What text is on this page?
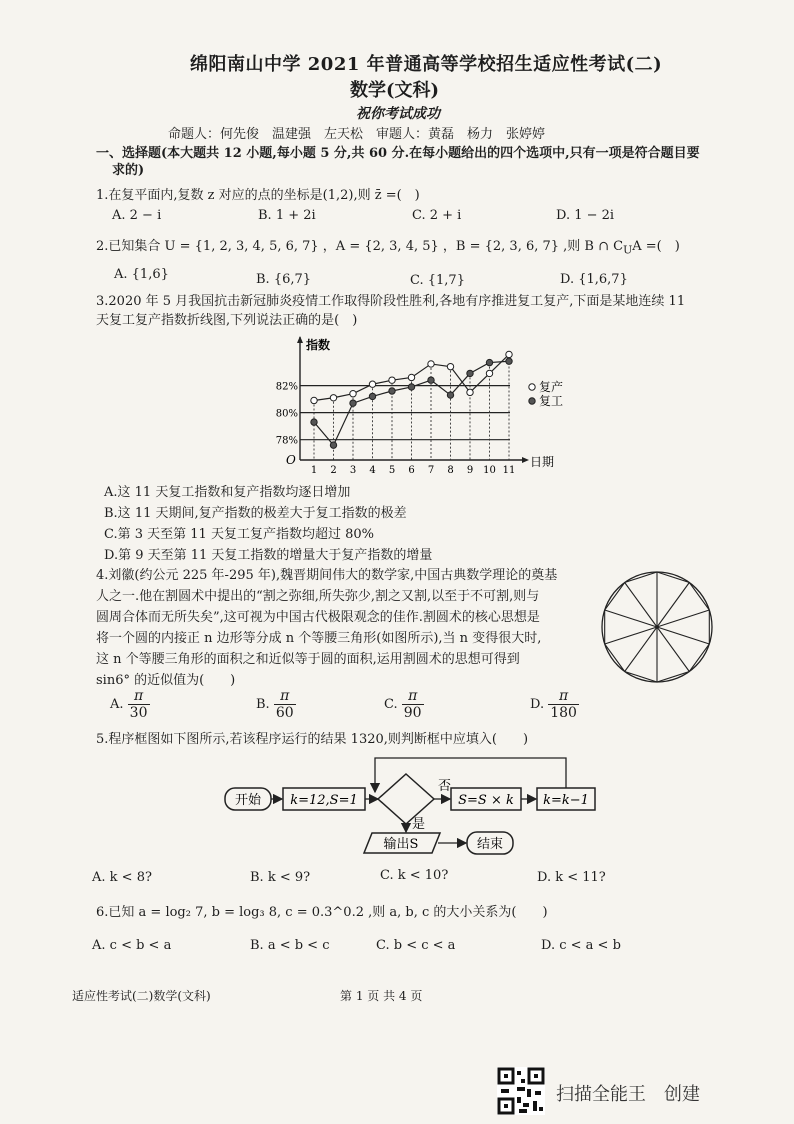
绵阳南山中学 2021 年普通高等学校招生适应性考试(二)
数学(文科)
祝你考试成功
命题人：何先俊　温建强　左天松　审题人：黄磊　杨力　张婷婷
一、选择题(本大题共 12 小题,每小题 5 分,共 60 分.在每小题给出的四个选项中,只有一项是符合题目要
求的)
1.在复平面内,复数 z 对应的点的坐标是(1,2),则 z̄ =(　)
A. 2 − i	B. 1 + 2i	C. 2 + i	D. 1 − 2i
2.已知集合 U = {1, 2, 3, 4, 5, 6, 7} ，A = {2, 3, 4, 5} ，B = {2, 3, 6, 7} ,则 B ∩ $C_UA$ =(　)
A. {1,6}	B. {6,7}	C. {1,7}	D. {1,6,7}
3.2020 年 5 月我国抗击新冠肺炎疫情工作取得阶段性胜利,各地有序推进复工复产,下面是某地连续 11
天复工复产指数折线图,下列说法正确的是(　)
指数
日期
O
78%
80%
82%
1 2 3 4 5 6 7 8 9 10 11
复产
复工
A.这 11 天复工指数和复产指数均逐日增加
B.这 11 天期间,复产指数的极差大于复工指数的极差
C.第 3 天至第 11 天复工复产指数均超过 80%
D.第 9 天至第 11 天复工指数的增量大于复产指数的增量
4.刘徽(约公元 225 年-295 年),魏晋期间伟大的数学家,中国古典数学理论的奠基
人之一.他在割圆术中提出的“割之弥细,所失弥少,割之又割,以至于不可割,则与
圆周合体而无所失矣”,这可视为中国古代极限观念的佳作.割圆术的核心思想是
将一个圆的内接正 n 边形等分成 n 个等腰三角形(如图所示),当 n 变得很大时,
这 n 个等腰三角形的面积之和近似等于圆的面积,运用割圆术的思想可得到
sin6° 的近似值为(　　)
A. $\frac{\pi}{30}$	B. $\frac{\pi}{60}$	C. $\frac{\pi}{90}$	D. $\frac{\pi}{180}$
5.程序框图如下图所示,若该程序运行的结果 1320,则判断框中应填入(　　)
开始 k=12,S=1
否
S=S × k k=k−1
是
输出S	结束
A. k < 8?	B. k < 9?	C. k < 10?	D. k < 11?
6.已知 a = log₂ 7, b = log₃ 8, c = 0.3^0.2 ,则 a, b, c 的大小关系为(　　)
A. c < b < a	B. a < b < c	C. b < c < a	D. c < a < b
适应性考试(二)数学(文科)	第 1 页 共 4 页
扫描全能王　创建
